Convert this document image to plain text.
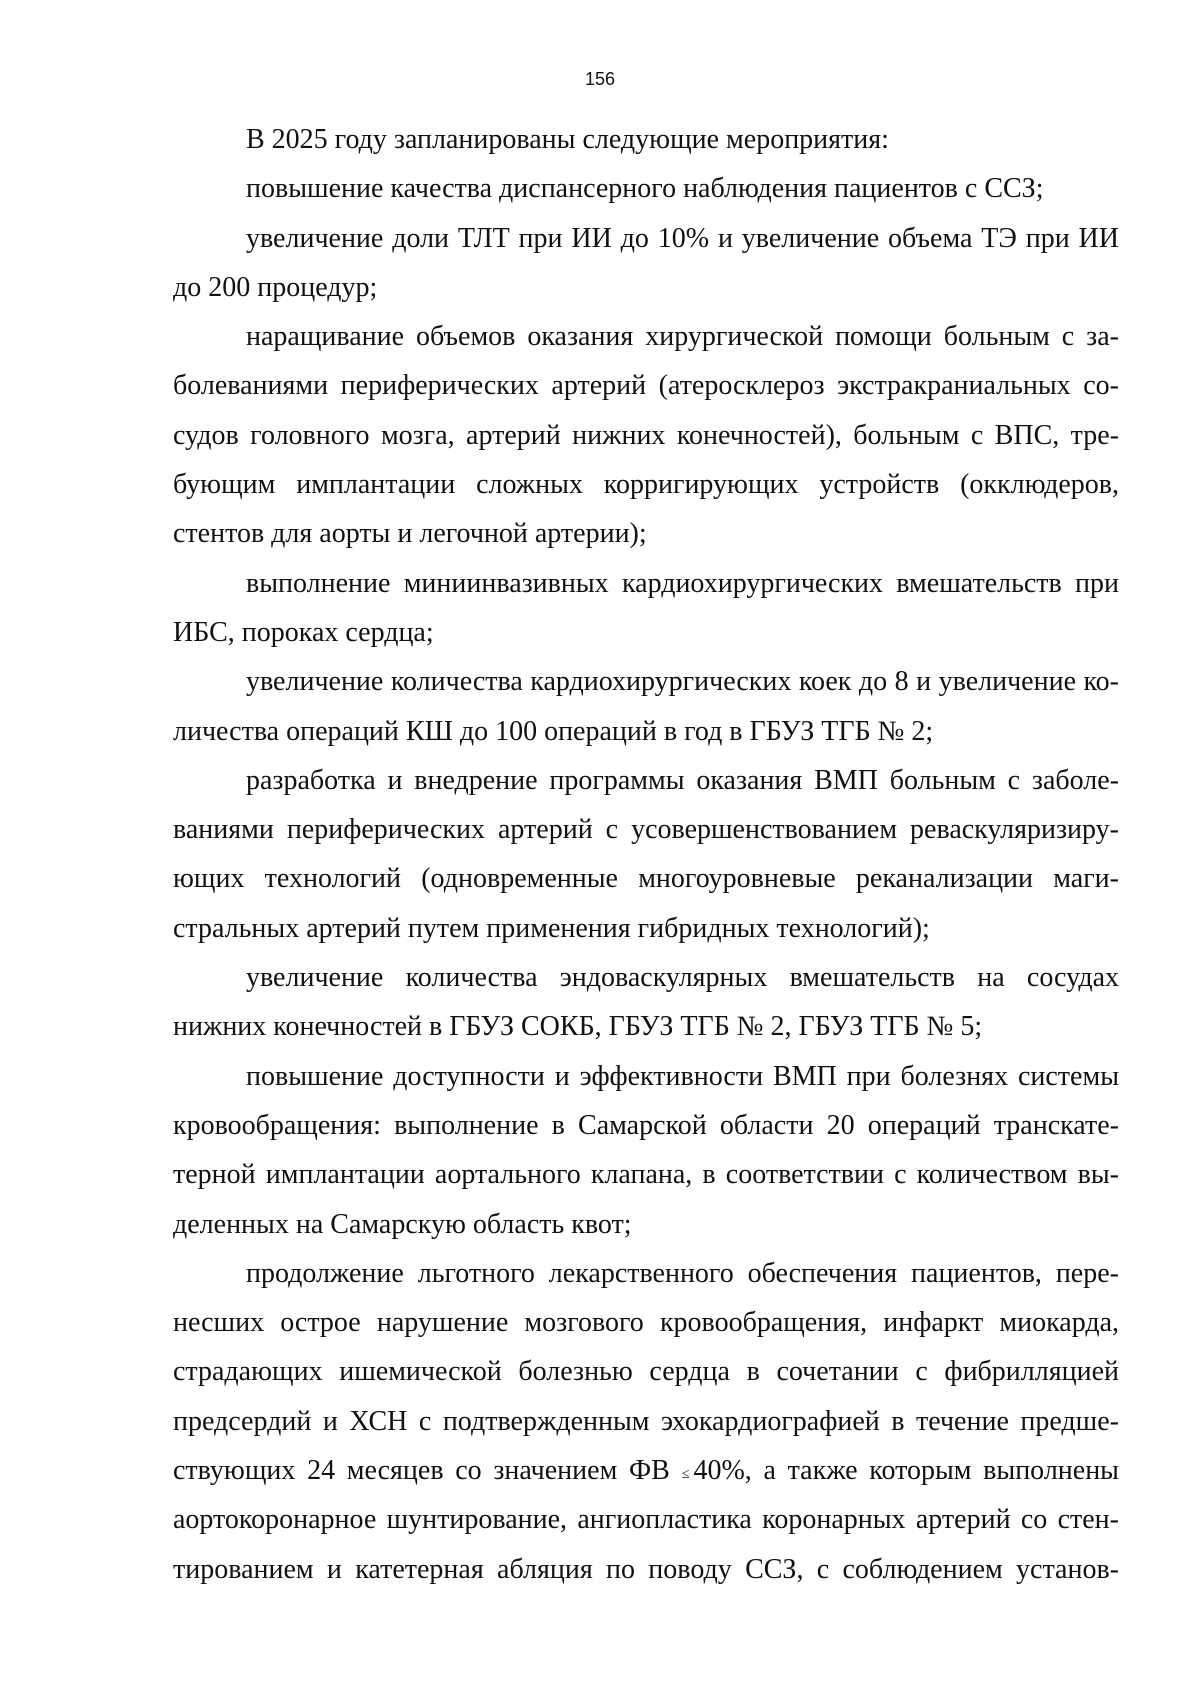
156
В 2025 году запланированы следующие мероприятия:
повышение качества диспансерного наблюдения пациентов с ССЗ;
увеличение доли ТЛТ при ИИ до 10% и увеличение объема ТЭ при ИИ
до 200 процедур;
наращивание объемов оказания хирургической помощи больным с за-
болеваниями периферических артерий (атеросклероз экстракраниальных со-
судов головного мозга, артерий нижних конечностей), больным с ВПС, тре-
бующим имплантации сложных корригирующих устройств (окклюдеров,
стентов для аорты и легочной артерии);
выполнение миниинвазивных кардиохирургических вмешательств при
ИБС, пороках сердца;
увеличение количества кардиохирургических коек до 8 и увеличение ко-
личества операций КШ до 100 операций в год в ГБУЗ ТГБ № 2;
разработка и внедрение программы оказания ВМП больным с заболе-
ваниями периферических артерий с усовершенствованием реваскуляризиру-
ющих технологий (одновременные многоуровневые реканализации маги-
стральных артерий путем применения гибридных технологий);
увеличение количества эндоваскулярных вмешательств на сосудах
нижних конечностей в ГБУЗ СОКБ, ГБУЗ ТГБ № 2, ГБУЗ ТГБ № 5;
повышение доступности и эффективности ВМП при болезнях системы
кровообращения: выполнение в Самарской области 20 операций транскате-
терной имплантации аортального клапана, в соответствии с количеством вы-
деленных на Самарскую область квот;
продолжение льготного лекарственного обеспечения пациентов, пере-
несших острое нарушение мозгового кровообращения, инфаркт миокарда,
страдающих ишемической болезнью сердца в сочетании с фибрилляцией
предсердий и ХСН с подтвержденным эхокардиографией в течение предше-
ствующих 24 месяцев со значением ФВ ≤ 40%, а также которым выполнены
аортокоронарное шунтирование, ангиопластика коронарных артерий со стен-
тированием и катетерная абляция по поводу ССЗ, с соблюдением установ-
